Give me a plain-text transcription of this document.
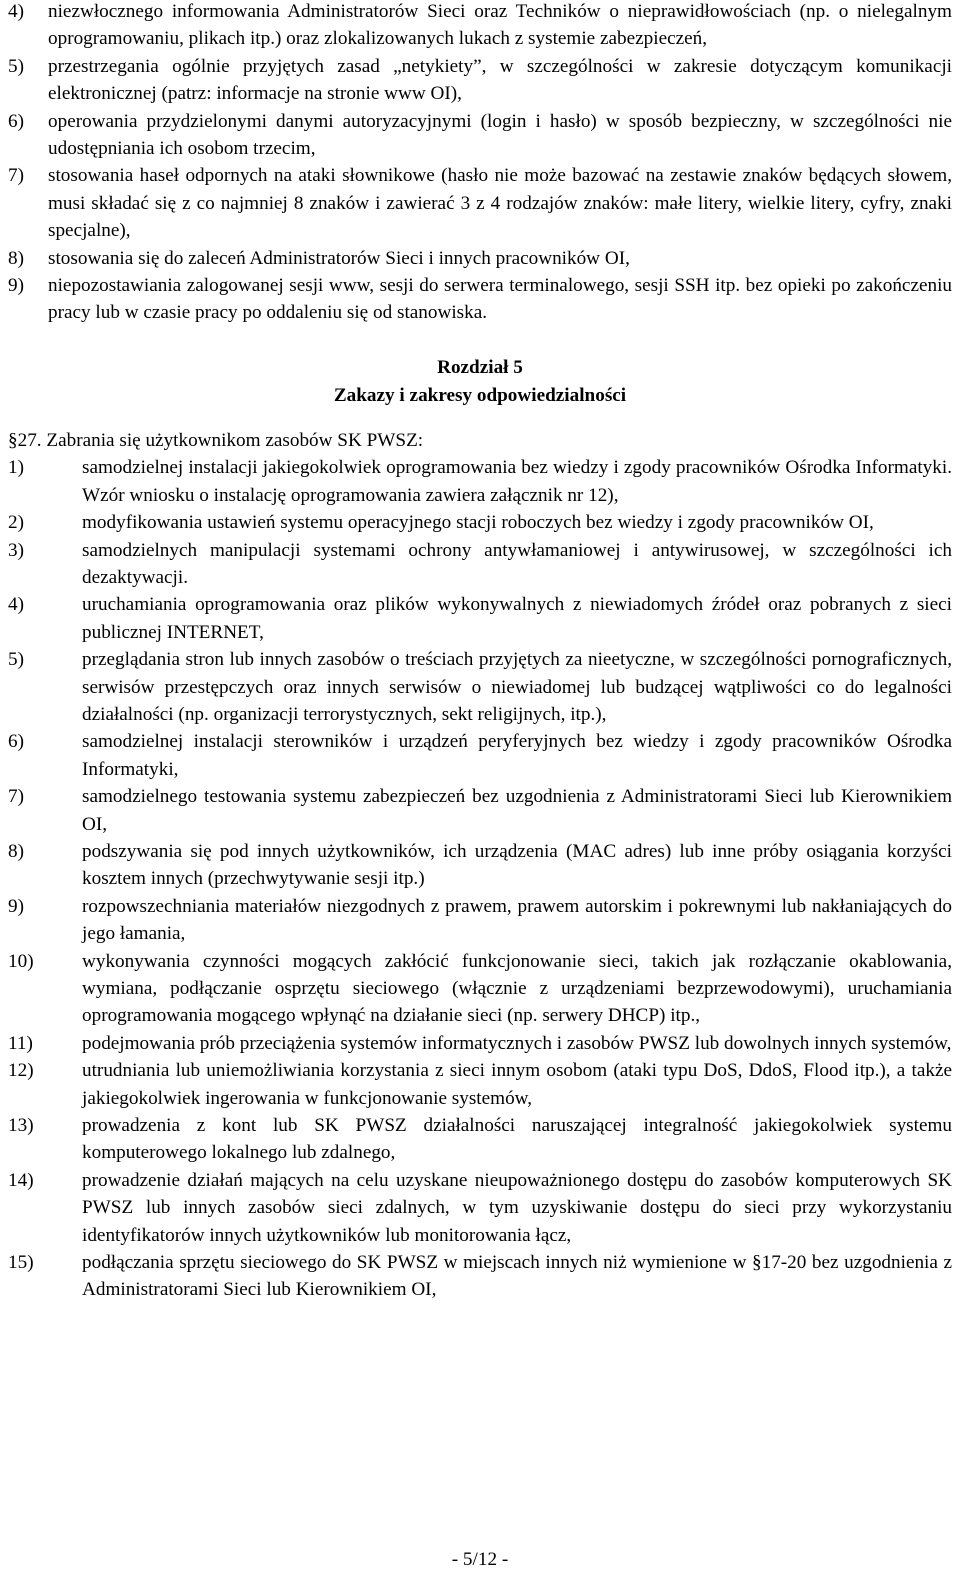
4)	niezwłocznego informowania Administratorów Sieci oraz Techników o nieprawidłowościach (np. o nielegalnym oprogramowaniu, plikach itp.) oraz zlokalizowanych lukach z systemie zabezpieczeń,
5)	przestrzegania ogólnie przyjętych zasad „netykiety”, w szczególności w zakresie dotyczącym komunikacji elektronicznej (patrz: informacje na stronie www OI),
6)	operowania przydzielonymi danymi autoryzacyjnymi (login i hasło) w sposób bezpieczny, w szczególności nie udostępniania ich osobom trzecim,
7)	stosowania haseł odpornych na ataki słownikowe (hasło nie może bazować na zestawie znaków będących słowem, musi składać się z co najmniej 8 znaków i zawierać 3 z 4 rodzajów znaków: małe litery, wielkie litery, cyfry, znaki specjalne),
8)	stosowania się do zaleceń Administratorów Sieci i innych pracowników OI,
9)	niepozostawiania zalogowanej sesji www, sesji do serwera terminalowego, sesji SSH itp. bez opieki po zakończeniu pracy lub w czasie pracy po oddaleniu się od stanowiska.
Rozdział 5
Zakazy i zakresy odpowiedzialności

§27. Zabrania się użytkownikom zasobów SK PWSZ:

1)	samodzielnej instalacji jakiegokolwiek oprogramowania bez wiedzy i zgody pracowników Ośrodka Informatyki. Wzór wniosku o instalację oprogramowania zawiera załącznik nr 12),
2)	modyfikowania ustawień systemu operacyjnego stacji roboczych bez wiedzy i zgody pracowników OI,
3)	samodzielnych manipulacji systemami ochrony antywłamaniowej i antywirusowej, w szczególności ich dezaktywacji.
4)	uruchamiania oprogramowania oraz plików wykonywalnych z niewiadomych źródeł oraz pobranych z sieci publicznej INTERNET,
5)	przeglądania stron lub innych zasobów o treściach przyjętych za nieetyczne, w szczególności pornograficznych, serwisów przestępczych oraz innych serwisów o niewiadomej lub budzącej wątpliwości co do legalności działalności (np. organizacji terrorystycznych, sekt religijnych, itp.),
6)	samodzielnej instalacji sterowników i urządzeń peryferyjnych bez wiedzy i zgody pracowników Ośrodka Informatyki,
7)	samodzielnego testowania systemu zabezpieczeń bez uzgodnienia z Administratorami Sieci lub Kierownikiem OI,
8)	podszywania się pod innych użytkowników, ich urządzenia (MAC adres) lub inne próby osiągania korzyści kosztem innych (przechwytywanie sesji itp.)
9)	rozpowszechniania materiałów niezgodnych z prawem, prawem autorskim i pokrewnymi lub nakłaniających do jego łamania,
10)	wykonywania czynności mogących zakłócić funkcjonowanie sieci, takich jak rozłączanie okablowania, wymiana, podłączanie osprzętu sieciowego (włącznie z urządzeniami bezprzewodowymi), uruchamiania oprogramowania mogącego wpłynąć na działanie sieci (np. serwery DHCP) itp.,
11)	podejmowania prób przeciążenia systemów informatycznych i zasobów PWSZ lub dowolnych innych systemów,
12)	utrudniania lub uniemożliwiania korzystania z sieci innym osobom (ataki typu DoS, DdoS, Flood itp.), a także jakiegokolwiek ingerowania w funkcjonowanie systemów,
13)	prowadzenia z kont lub SK PWSZ działalności naruszającej integralność jakiegokolwiek systemu komputerowego lokalnego lub zdalnego,
14)	prowadzenie działań mających na celu uzyskane nieupoważnionego dostępu do zasobów komputerowych SK PWSZ lub innych zasobów sieci zdalnych, w tym uzyskiwanie dostępu do sieci przy wykorzystaniu identyfikatorów innych użytkowników lub monitorowania łącz,
15)	podłączania sprzętu sieciowego do SK PWSZ w miejscach innych niż wymienione w §17-20 bez uzgodnienia z Administratorami Sieci lub Kierownikiem OI,
- 5/12 -
